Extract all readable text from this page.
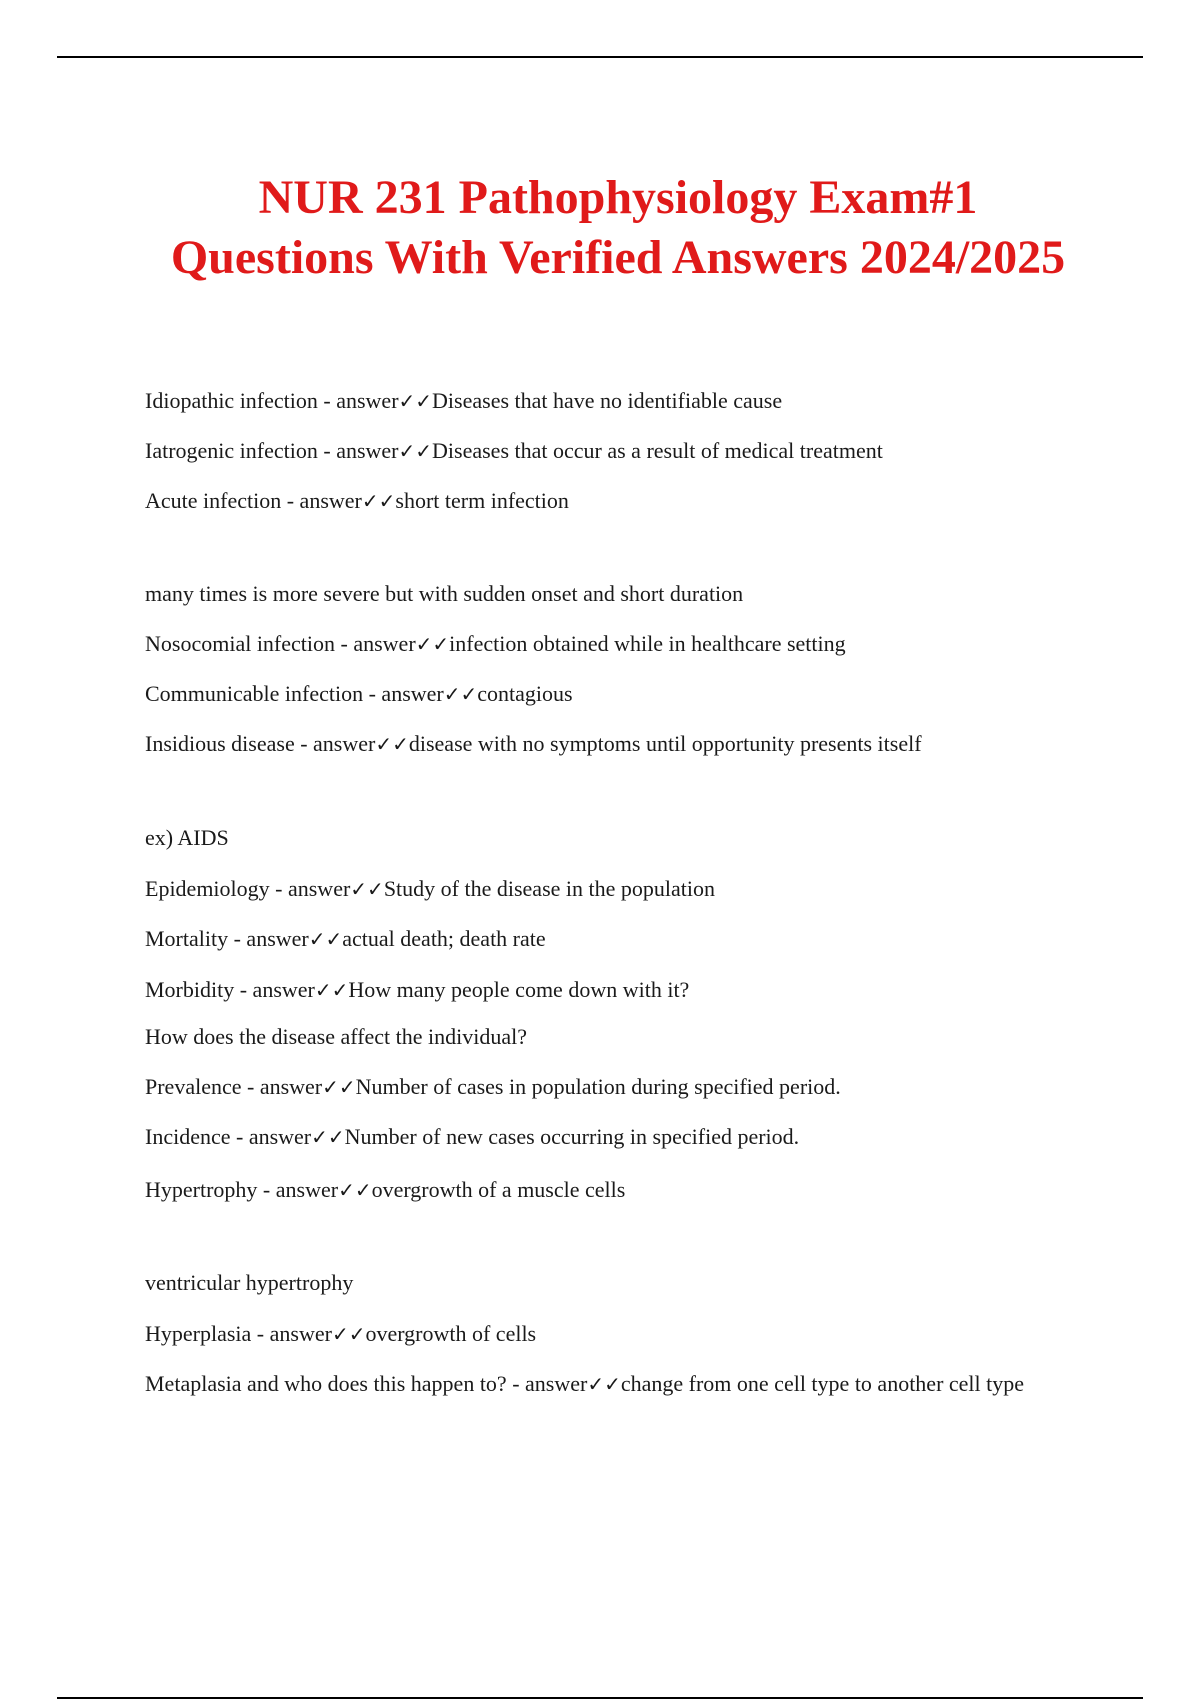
NUR 231 Pathophysiology Exam#1
Questions With Verified Answers 2024/2025

Idiopathic infection - answer✓✓Diseases that have no identifiable cause

Iatrogenic infection - answer✓✓Diseases that occur as a result of medical treatment

Acute infection - answer✓✓short term infection

many times is more severe but with sudden onset and short duration

Nosocomial infection - answer✓✓infection obtained while in healthcare setting

Communicable infection - answer✓✓contagious

Insidious disease - answer✓✓disease with no symptoms until opportunity presents itself

ex) AIDS

Epidemiology - answer✓✓Study of the disease in the population

Mortality - answer✓✓actual death; death rate

Morbidity - answer✓✓How many people come down with it?

How does the disease affect the individual?

Prevalence - answer✓✓Number of cases in population during specified period.

Incidence - answer✓✓Number of new cases occurring in specified period.

Hypertrophy - answer✓✓overgrowth of a muscle cells

ventricular hypertrophy

Hyperplasia - answer✓✓overgrowth of cells

Metaplasia and who does this happen to? - answer✓✓change from one cell type to another cell type
